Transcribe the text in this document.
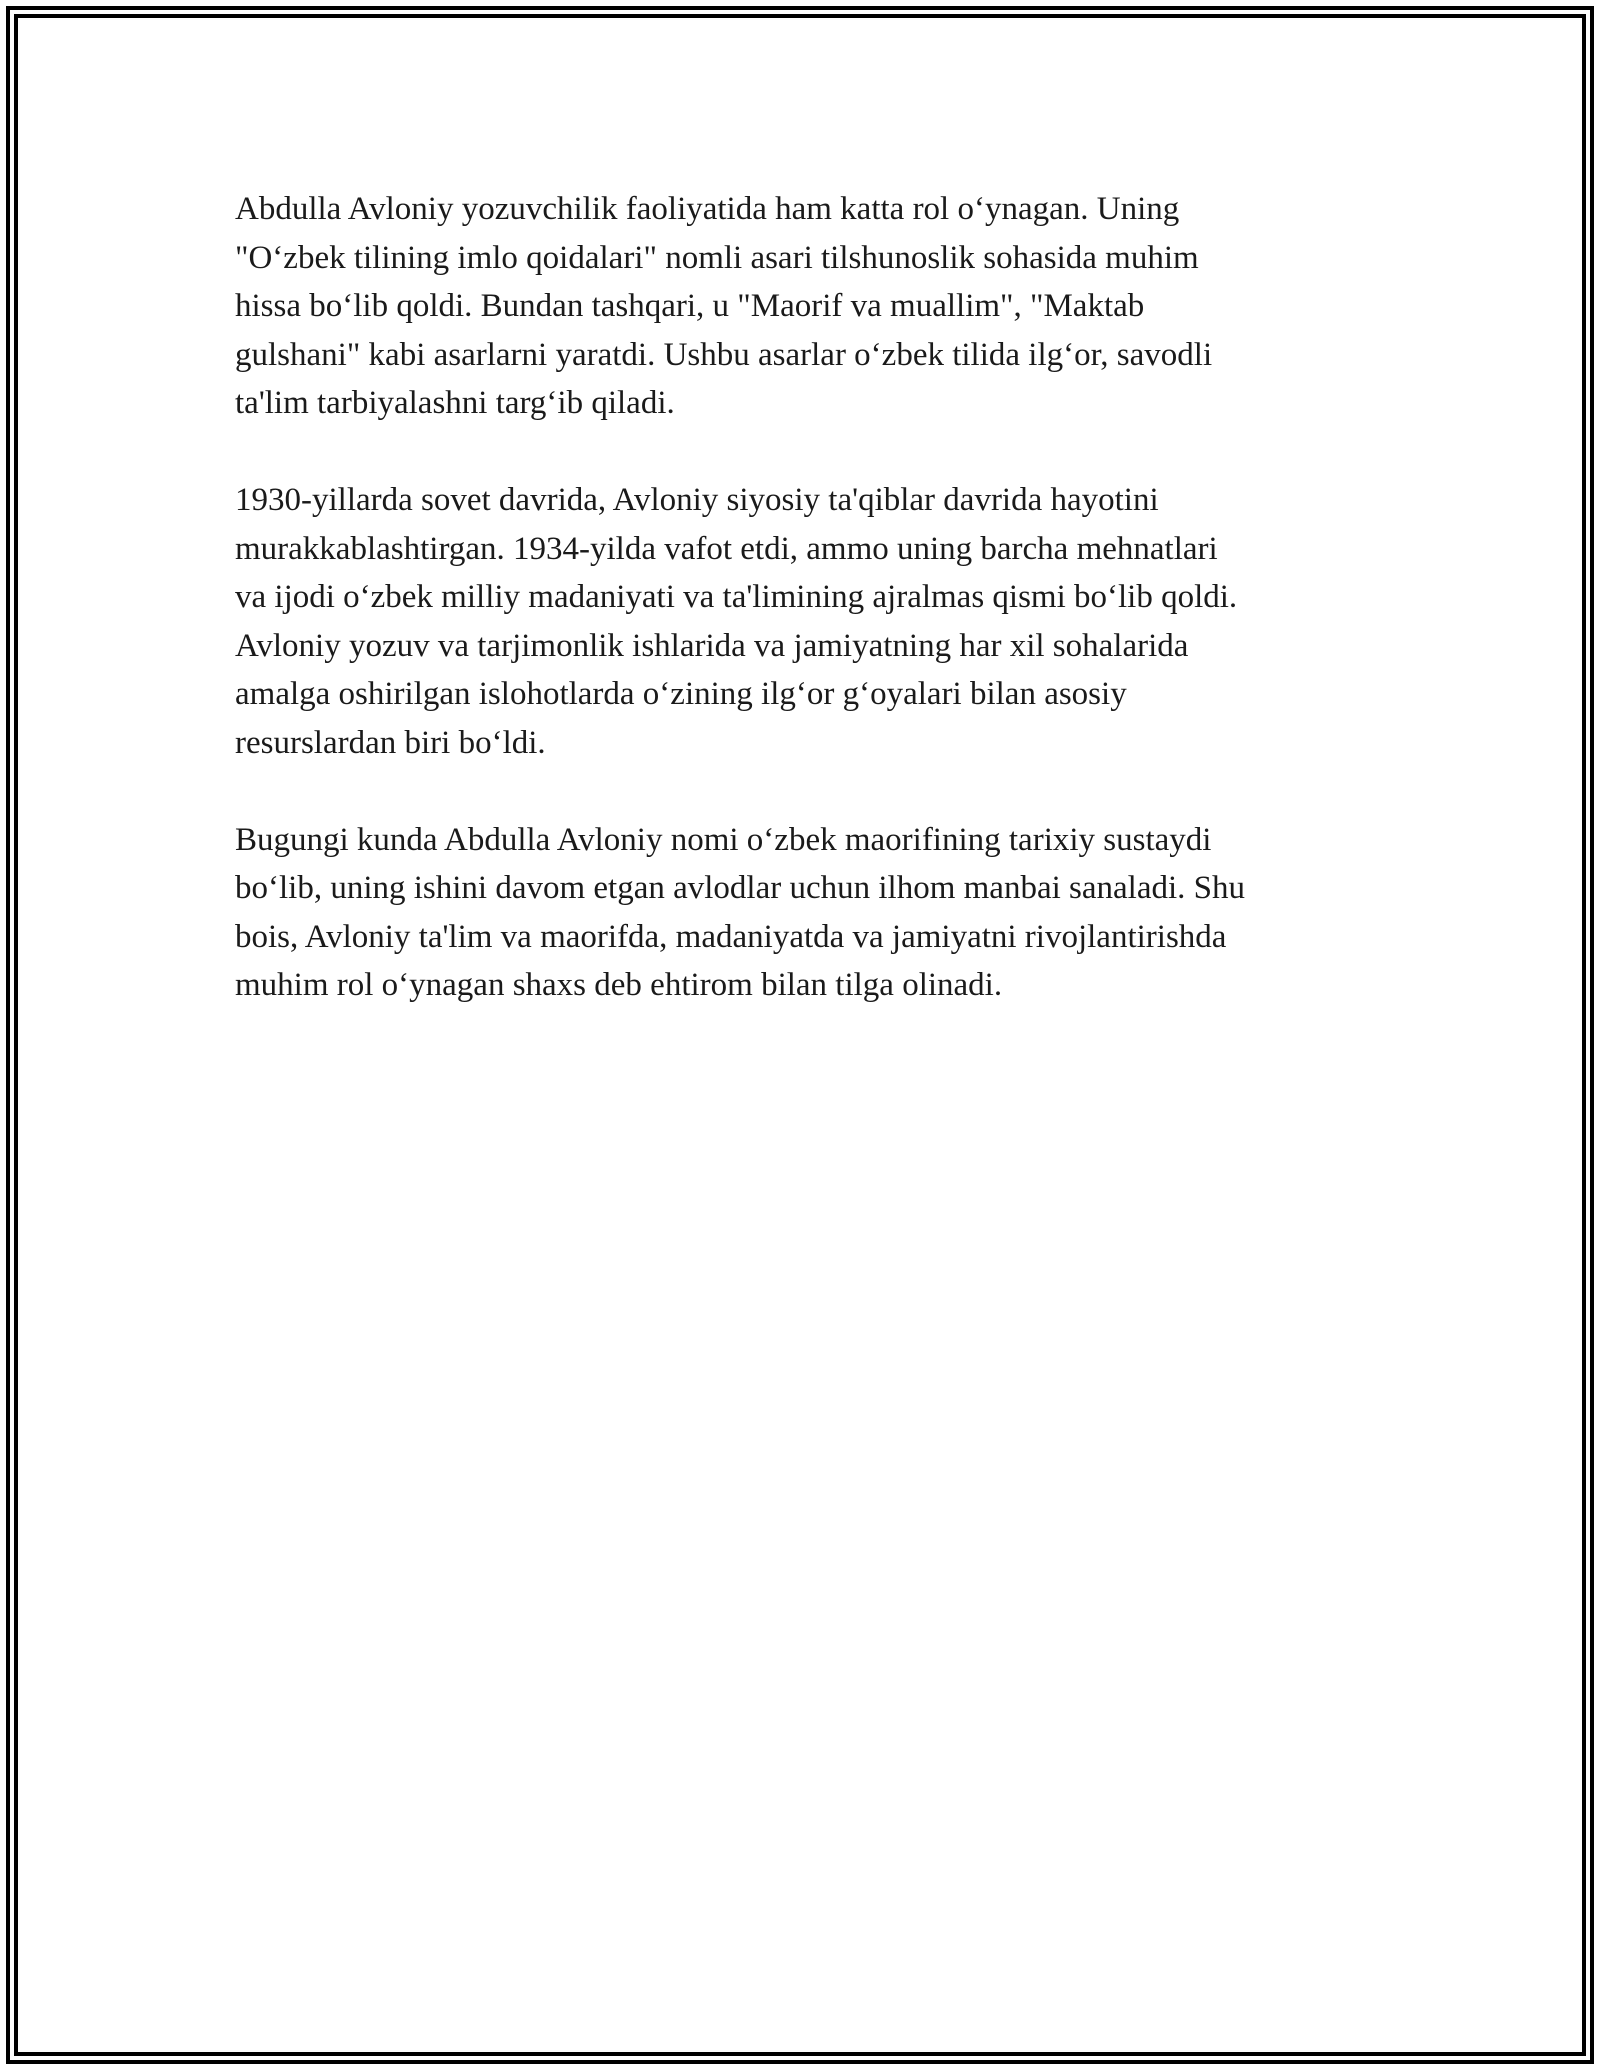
Abdulla Avloniy yozuvchilik faoliyatida ham katta rol o‘ynagan. Uning
"O‘zbek tilining imlo qoidalari" nomli asari tilshunoslik sohasida muhim
hissa bo‘lib qoldi. Bundan tashqari, u "Maorif va muallim", "Maktab
gulshani" kabi asarlarni yaratdi. Ushbu asarlar o‘zbek tilida ilg‘or, savodli
ta'lim tarbiyalashni targ‘ib qiladi.

1930-yillarda sovet davrida, Avloniy siyosiy ta'qiblar davrida hayotini
murakkablashtirgan. 1934-yilda vafot etdi, ammo uning barcha mehnatlari
va ijodi o‘zbek milliy madaniyati va ta'limining ajralmas qismi bo‘lib qoldi.
Avloniy yozuv va tarjimonlik ishlarida va jamiyatning har xil sohalarida
amalga oshirilgan islohotlarda o‘zining ilg‘or g‘oyalari bilan asosiy
resurslardan biri bo‘ldi.

Bugungi kunda Abdulla Avloniy nomi o‘zbek maorifining tarixiy sustaydi
bo‘lib, uning ishini davom etgan avlodlar uchun ilhom manbai sanaladi. Shu
bois, Avloniy ta'lim va maorifda, madaniyatda va jamiyatni rivojlantirishda
muhim rol o‘ynagan shaxs deb ehtirom bilan tilga olinadi.
